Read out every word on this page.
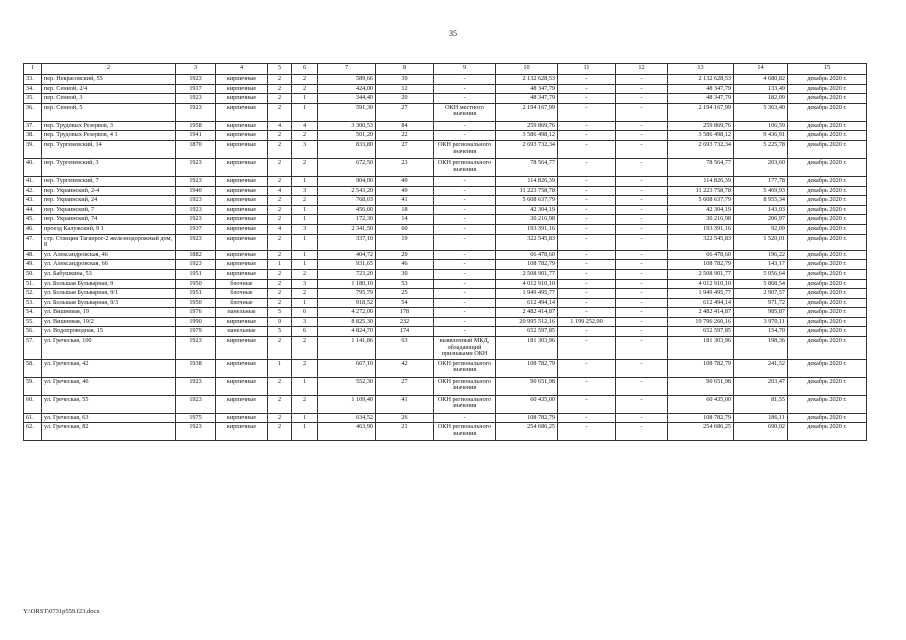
35
1	2	3	4	5	6	7	8	9	10	11	12	13	14	15
33.	пер. Некрасовский, 55	1923	кирпичные	2	2	589,66	39	-	2 132 628,53	-	-	2 132 628,53	4 680,82	декабрь 2020 г.
34.	пер. Сенной, 2/4	1917	кирпичные	2	2	424,00	12	-	48 347,79	-	-	48 347,79	133,49	декабрь 2020 г.
35.	пер. Сенной, 3	1923	кирпичные	2	1	344,40	20	-	48 347,79	-	-	48 347,79	182,09	декабрь 2020 г.
36.	пер. Сенной, 5	1923	кирпичные	2	1	591,30	27	ОКН местного значения	2 194 167,99	-	-	2 194 167,99	5 363,40	декабрь 2020 г.
37.	пер. Трудовых Резервов, 3	1958	кирпичные	4	4	3 300,53	84	-	259 869,76	-	-	259 869,76	106,59	декабрь 2020 г.
38.	пер. Трудовых Резервов, 4 1	1941	кирпичные	2	2	501,20	22	-	3 586 498,12	-	-	3 586 498,12	9 436,91	декабрь 2020 г.
39.	пер. Тургеневский, 14	1870	кирпичные	2	3	833,80	27	ОКН регионального значения	2 693 732,34	-	-	2 693 732,34	5 225,78	декабрь 2020 г.
40.	пер. Тургеневский, 3	1923	кирпичные	2	2	672,50	23	ОКН регионального значения	78 564,77	-	-	78 564,77	203,60	декабрь 2020 г.
41.	пер. Тургеневский, 7	1923	кирпичные	2	1	904,00	49	-	114 826,39	-	-	114 826,39	177,78	декабрь 2020 г.
42.	пер. Украинский, 2-4	1940	кирпичные	4	3	2 543,20	49	-	11 223 758,78	-	-	11 223 758,78	5 469,93	декабрь 2020 г.
43.	пер. Украинский, 24	1923	кирпичные	2	2	768,03	41	-	5 608 637,79	-	-	5 608 637,79	8 955,34	декабрь 2020 г.
44.	пер. Украинский, 7	1923	кирпичные	2	1	456,00	18	-	42 304,19	-	-	42 304,19	143,03	декабрь 2020 г.
45.	пер. Украинский, 74	1923	кирпичные	2	1	172,30	14	-	30 216,98	-	-	30 216,98	206,97	декабрь 2020 г.
46.	проезд Калужский, 9 1	1937	кирпичные	4	3	2 341,50	60	-	193 391,16	-	-	193 391,16	92,09	декабрь 2020 г.
47.	стр. Станция Таганрог-2 железнодорожный дом, 8	1923	кирпичные	2	1	337,10	19	-	322 545,83	-	-	322 545,83	1 520,01	декабрь 2020 г.
48.	ул. Александровская, 46	1882	кирпичные	2	1	404,72	20	-	66 478,60	-	-	66 478,60	196,22	декабрь 2020 г.
49.	ул. Александровская, 66	1923	кирпичные	1	1	931,65	46	-	108 782,79	-	-	108 782,79	143,17	декабрь 2020 г.
50.	ул. Бабушкина, 53	1951	кирпичные	2	2	723,20	30	-	2 508 901,77	-	-	2 508 901,77	5 056,64	декабрь 2020 г.
51.	ул. Большая Бульварная, 9	1950	блочные	2	3	1 180,10	53	-	4 012 910,10	-	-	4 012 910,10	5 868,54	декабрь 2020 г.
52.	ул. Большая Бульварная, 9/1	1951	блочные	2	2	795,79	25	-	1 949 495,77	-	-	1 949 495,77	2 907,57	декабрь 2020 г.
53.	ул. Большая Бульварная, 9/3	1950	блочные	2	1	918,52	54	-	612 494,14	-	-	612 494,14	971,72	декабрь 2020 г.
54.	ул. Вишневая, 19	1976	панельные	5	6	4 272,00	178	-	2 482 414,87	-	-	2 482 414,87	985,87	декабрь 2020 г.
55.	ул. Вишневая, 19/2	1990	кирпичные	9	3	8 825,30	232	-	20 995 512,16	1 199 252,00	-	19 796 260,16	3 970,11	декабрь 2020 г.
56.	ул. Водопроводная, 15	1979	панельные	5	6	4 824,70	174	-	652 597,85	-	-	652 597,85	154,70	декабрь 2020 г.
57.	ул. Греческая, 100	1923	кирпичные	2	2	1 141,86	63	выявленный МКД, обладающий признаками ОКН	181 303,96	-	-	181 303,96	198,36	декабрь 2020 г.
58.	ул. Греческая, 42	1938	кирпичные	1	2	667,10	42	ОКН регионального значения	108 782,79	-	-	108 782,79	241,52	декабрь 2020 г.
59.	ул. Греческая, 46	1923	кирпичные	2	1	552,30	27	ОКН регионального значения	90 651,98	-	-	90 651,98	203,47	декабрь 2020 г.
60.	ул. Греческая, 55	1923	кирпичные	2	2	1 109,40	41	ОКН регионального значения	60 435,00	-	-	60 435,00	81,55	декабрь 2020 г.
61.	ул. Греческая, 63	1975	кирпичные	2	1	634,52	26	-	108 782,79	-	-	108 782,79	186,11	декабрь 2020 г.
62.	ул. Греческая, 82	1923	кирпичные	2	1	463,90	21	ОКН регионального значения	254 686,25	-	-	254 686,25	690,02	декабрь 2020 г.
Y:\ORST\0731p559.f23.docx
